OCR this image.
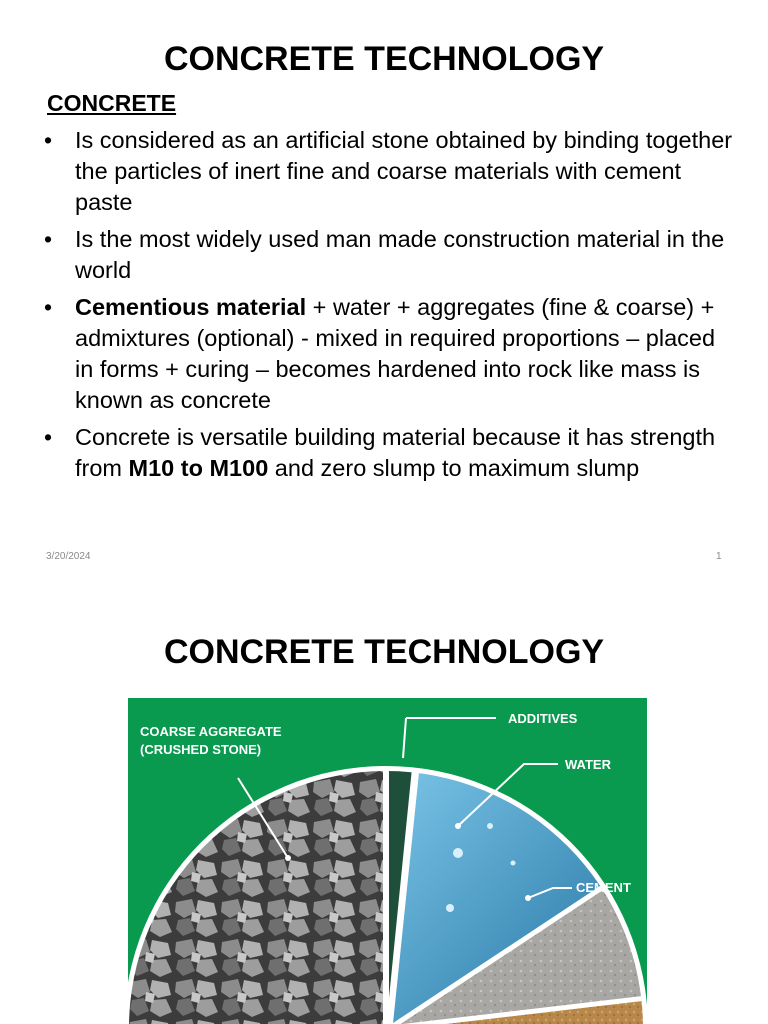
CONCRETE TECHNOLOGY
CONCRETE
• Is considered as an artificial stone obtained by binding together the particles of inert fine and coarse materials with cement paste
• Is the most widely used man made construction material in the world
• Cementious material + water + aggregates (fine & coarse) + admixtures (optional) - mixed in required proportions – placed in forms + curing – becomes hardened into rock like mass is known as concrete
• Concrete is versatile building material because it has strength from M10 to M100 and zero slump to maximum slump
3/20/2024	1
CONCRETE TECHNOLOGY
COARSE AGGREGATE
(CRUSHED STONE)
ADDITIVES
WATER
CEMENT
